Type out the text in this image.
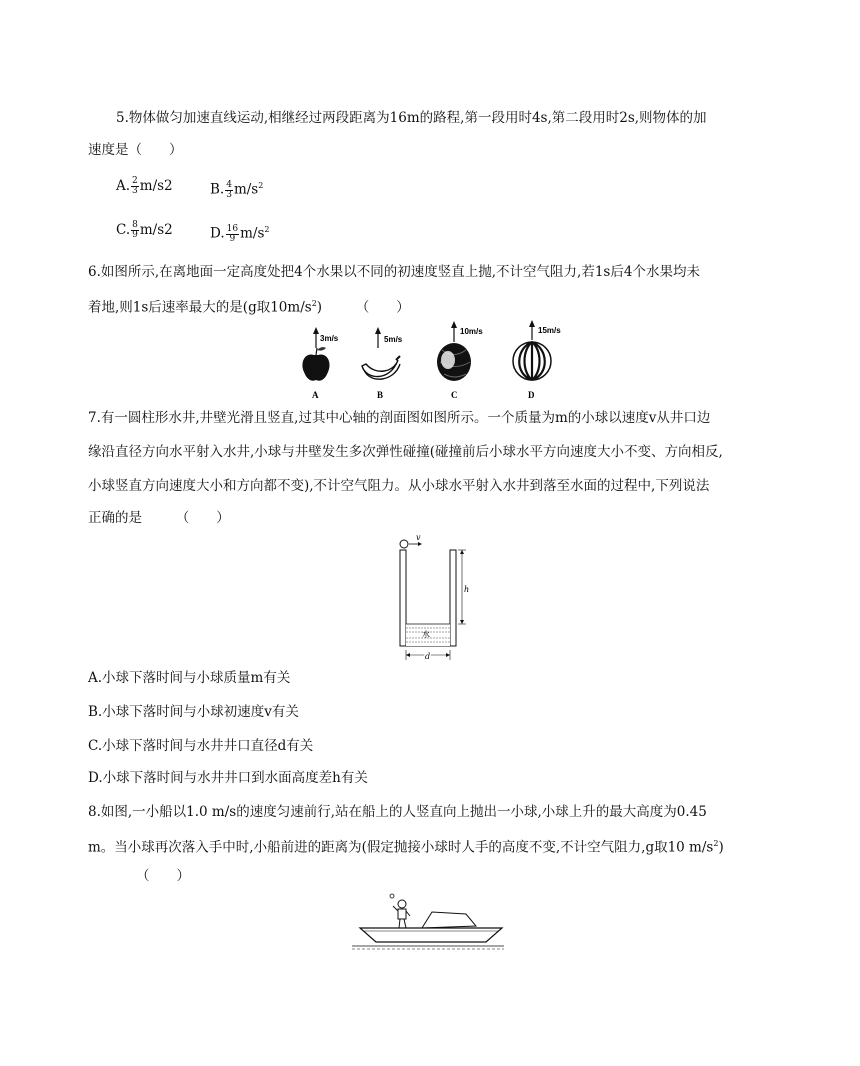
5.物体做匀加速直线运动,相继经过两段距离为16m的路程,第一段用时4s,第二段用时2s,则物体的加
速度是（　　）
A. $\frac{2}{3} m/s2$	B. $\frac{4}{3} m/s^2$
C. $\frac{8}{9} m/s2$	D. $\frac{16}{9} m/s^2$
6.如图所示,在离地面一定高度处把4个水果以不同的初速度竖直上抛,不计空气阻力,若1s后4个水果均未
着地,则1s后速率最大的是(g取$10m/s^2$)　　　（　　）
3m/s
A
5m/s
B
10m/s
C
15m/s
D
7.有一圆柱形水井,井壁光滑且竖直,过其中心轴的剖面图如图所示。一个质量为m的小球以速度v从井口边
缘沿直径方向水平射入水井,小球与井壁发生多次弹性碰撞(碰撞前后小球水平方向速度大小不变、方向相反,
小球竖直方向速度大小和方向都不变),不计空气阻力。从小球水平射入水井到落至水面的过程中,下列说法
正确的是　　　（　　）
v
水
h
d
A.小球下落时间与小球质量m有关
B.小球下落时间与小球初速度v有关
C.小球下落时间与水井井口直径d有关
D.小球下落时间与水井井口到水面高度差h有关
8.如图,一小船以1.0 m/s的速度匀速前行,站在船上的人竖直向上抛出一小球,小球上升的最大高度为0.45
m。当小球再次落入手中时,小船前进的距离为(假定抛接小球时人手的高度不变,不计空气阻力,g取10 $m/s^2$)
（　　）
